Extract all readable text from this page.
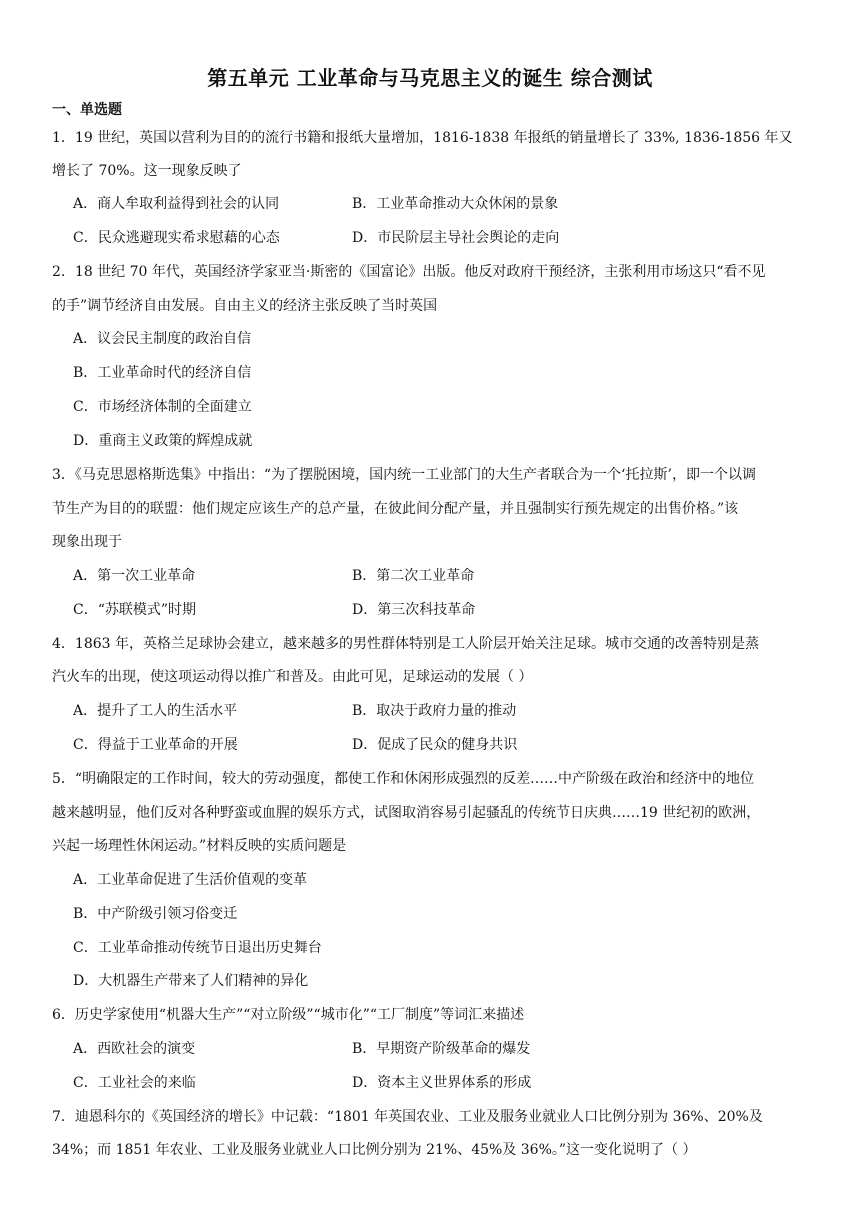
第五单元 工业革命与马克思主义的诞生 综合测试
一、单选题
1．19 世纪，英国以营利为目的的流行书籍和报纸大量增加，1816-1838 年报纸的销量增长了 33%, 1836-1856 年又
增长了 70%。这一现象反映了
A．商人牟取利益得到社会的认同	B．工业革命推动大众休闲的景象
C．民众逃避现实希求慰藉的心态	D．市民阶层主导社会舆论的走向
2．18 世纪 70 年代，英国经济学家亚当·斯密的《国富论》出版。他反对政府干预经济，主张利用市场这只“看不见
的手”调节经济自由发展。自由主义的经济主张反映了当时英国
A．议会民主制度的政治自信
B．工业革命时代的经济自信
C．市场经济体制的全面建立
D．重商主义政策的辉煌成就
3．《马克思恩格斯选集》中指出：“为了摆脱困境，国内统一工业部门的大生产者联合为一个‘托拉斯’，即一个以调
节生产为目的的联盟：他们规定应该生产的总产量，在彼此间分配产量，并且强制实行预先规定的出售价格。”该
现象出现于
A．第一次工业革命	B．第二次工业革命
C．“苏联模式”时期	D．第三次科技革命
4．1863 年，英格兰足球协会建立，越来越多的男性群体特别是工人阶层开始关注足球。城市交通的改善特别是蒸
汽火车的出现，使这项运动得以推广和普及。由此可见，足球运动的发展（ ）
A．提升了工人的生活水平	B．取决于政府力量的推动
C．得益于工业革命的开展	D．促成了民众的健身共识
5．“明确限定的工作时间，较大的劳动强度，都使工作和休闲形成强烈的反差……中产阶级在政治和经济中的地位
越来越明显，他们反对各种野蛮或血腥的娱乐方式，试图取消容易引起骚乱的传统节日庆典……19 世纪初的欧洲，
兴起一场理性休闲运动。”材料反映的实质问题是
A．工业革命促进了生活价值观的变革
B．中产阶级引领习俗变迁
C．工业革命推动传统节日退出历史舞台
D．大机器生产带来了人们精神的异化
6．历史学家使用“机器大生产”“对立阶级”“城市化”“工厂制度”等词汇来描述
A．西欧社会的演变	B．早期资产阶级革命的爆发
C．工业社会的来临	D．资本主义世界体系的形成
7．迪恩科尔的《英国经济的增长》中记载：“1801 年英国农业、工业及服务业就业人口比例分别为 36%、20%及
34%；而 1851 年农业、工业及服务业就业人口比例分别为 21%、45%及 36%。”这一变化说明了（ ）
